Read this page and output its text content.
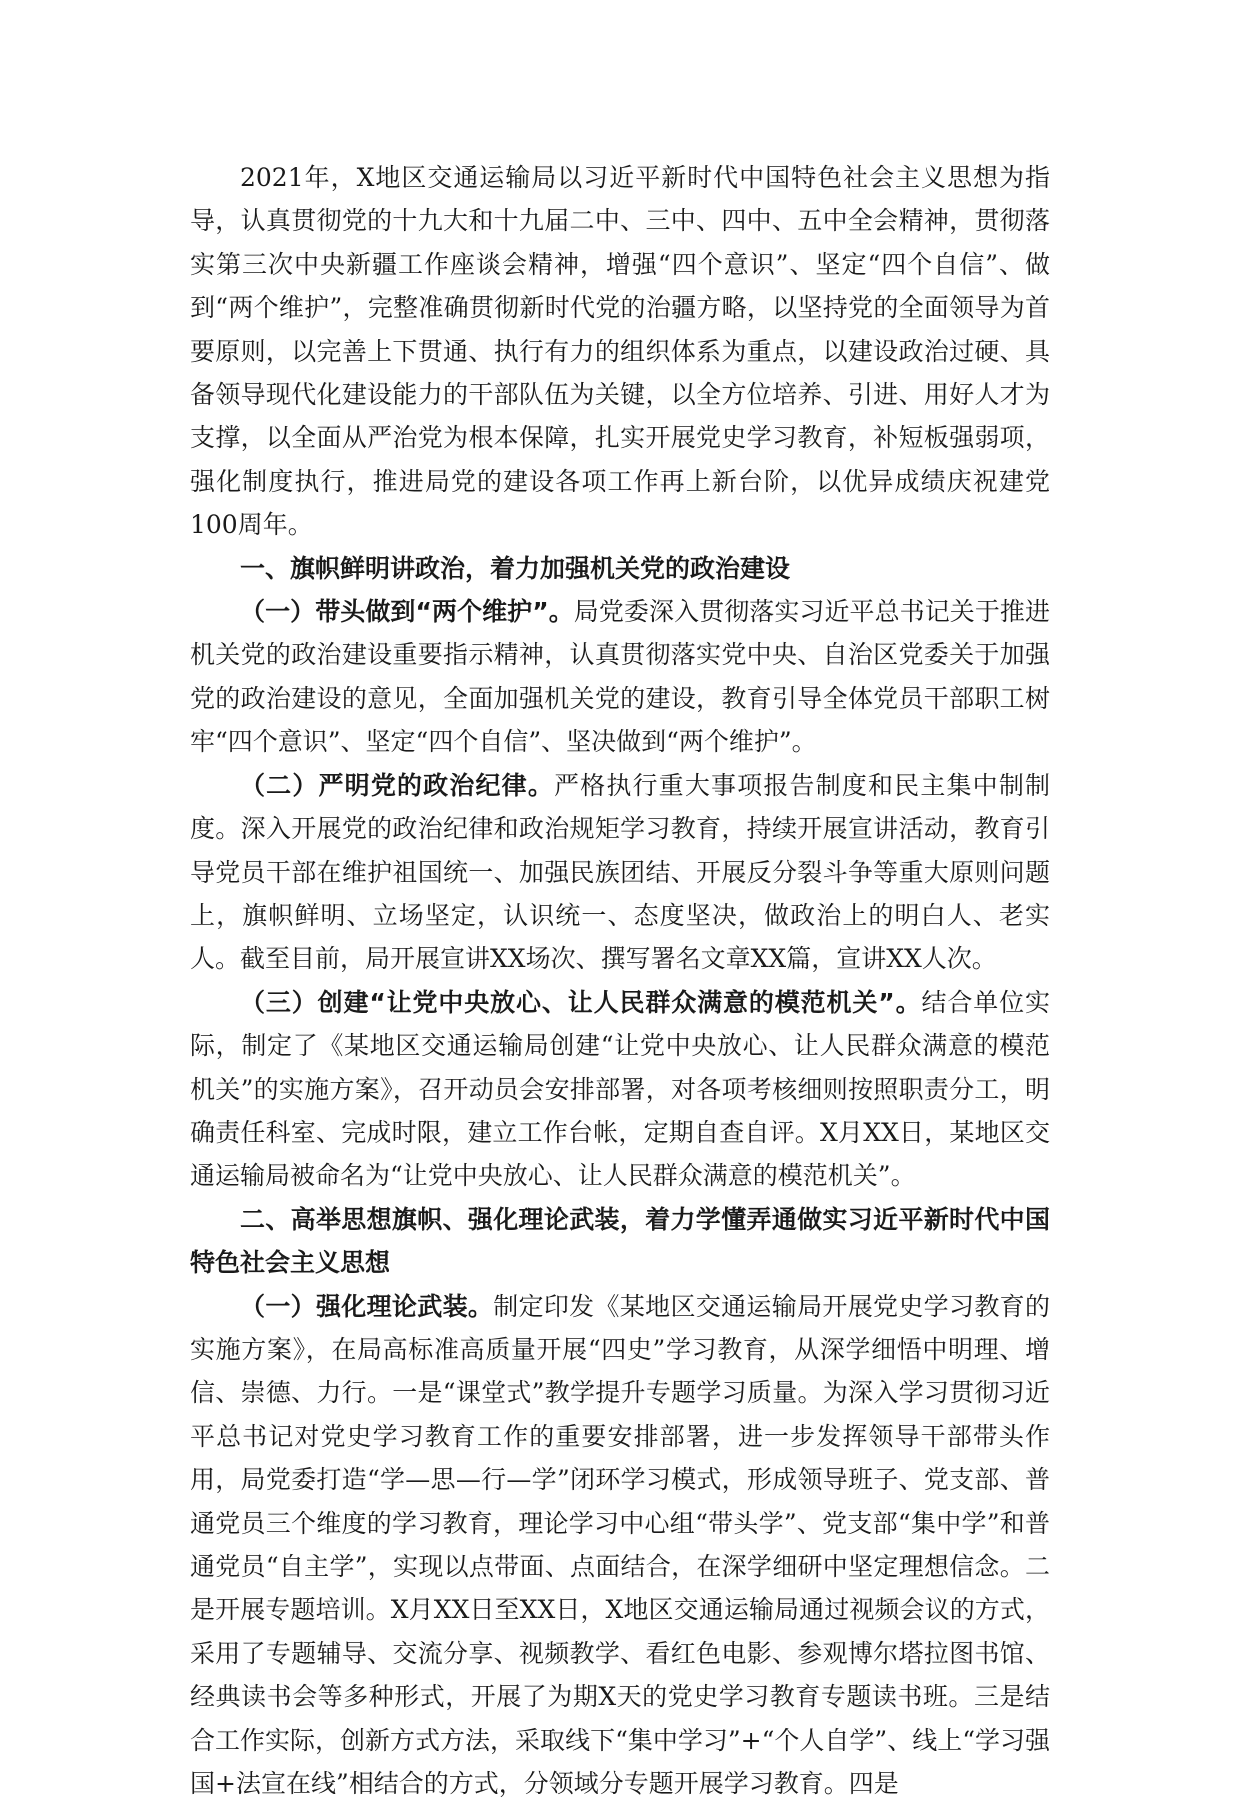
2021年，X地区交通运输局以习近平新时代中国特色社会主义思想为指导，认真贯彻党的十九大和十九届二中、三中、四中、五中全会精神，贯彻落实第三次中央新疆工作座谈会精神，增强“四个意识”、坚定“四个自信”、做到“两个维护”，完整准确贯彻新时代党的治疆方略，以坚持党的全面领导为首要原则，以完善上下贯通、执行有力的组织体系为重点，以建设政治过硬、具备领导现代化建设能力的干部队伍为关键，以全方位培养、引进、用好人才为支撑，以全面从严治党为根本保障，扎实开展党史学习教育，补短板强弱项，强化制度执行，推进局党的建设各项工作再上新台阶，以优异成绩庆祝建党100周年。

一、旗帜鲜明讲政治，着力加强机关党的政治建设

（一）带头做到“两个维护”。局党委深入贯彻落实习近平总书记关于推进机关党的政治建设重要指示精神，认真贯彻落实党中央、自治区党委关于加强党的政治建设的意见，全面加强机关党的建设，教育引导全体党员干部职工树牢“四个意识”、坚定“四个自信”、坚决做到“两个维护”。

（二）严明党的政治纪律。严格执行重大事项报告制度和民主集中制制度。深入开展党的政治纪律和政治规矩学习教育，持续开展宣讲活动，教育引导党员干部在维护祖国统一、加强民族团结、开展反分裂斗争等重大原则问题上，旗帜鲜明、立场坚定，认识统一、态度坚决，做政治上的明白人、老实人。截至目前，局开展宣讲XX场次、撰写署名文章XX篇，宣讲XX人次。

（三）创建“让党中央放心、让人民群众满意的模范机关”。结合单位实际，制定了《某地区交通运输局创建“让党中央放心、让人民群众满意的模范机关”的实施方案》，召开动员会安排部署，对各项考核细则按照职责分工，明确责任科室、完成时限，建立工作台帐，定期自查自评。X月XX日，某地区交通运输局被命名为“让党中央放心、让人民群众满意的模范机关”。

二、高举思想旗帜、强化理论武装，着力学懂弄通做实习近平新时代中国特色社会主义思想

（一）强化理论武装。制定印发《某地区交通运输局开展党史学习教育的实施方案》，在局高标准高质量开展“四史”学习教育，从深学细悟中明理、增信、崇德、力行。一是“课堂式”教学提升专题学习质量。为深入学习贯彻习近平总书记对党史学习教育工作的重要安排部署，进一步发挥领导干部带头作用，局党委打造“学—思—行—学”闭环学习模式，形成领导班子、党支部、普通党员三个维度的学习教育，理论学习中心组“带头学”、党支部“集中学”和普通党员“自主学”，实现以点带面、点面结合，在深学细研中坚定理想信念。二是开展专题培训。X月XX日至XX日，X地区交通运输局通过视频会议的方式，采用了专题辅导、交流分享、视频教学、看红色电影、参观博尔塔拉图书馆、经典读书会等多种形式，开展了为期X天的党史学习教育专题读书班。三是结合工作实际，创新方式方法，采取线下“集中学习”+“个人自学”、线上“学习强国+法宣在线”相结合的方式，分领域分专题开展学习教育。四是
